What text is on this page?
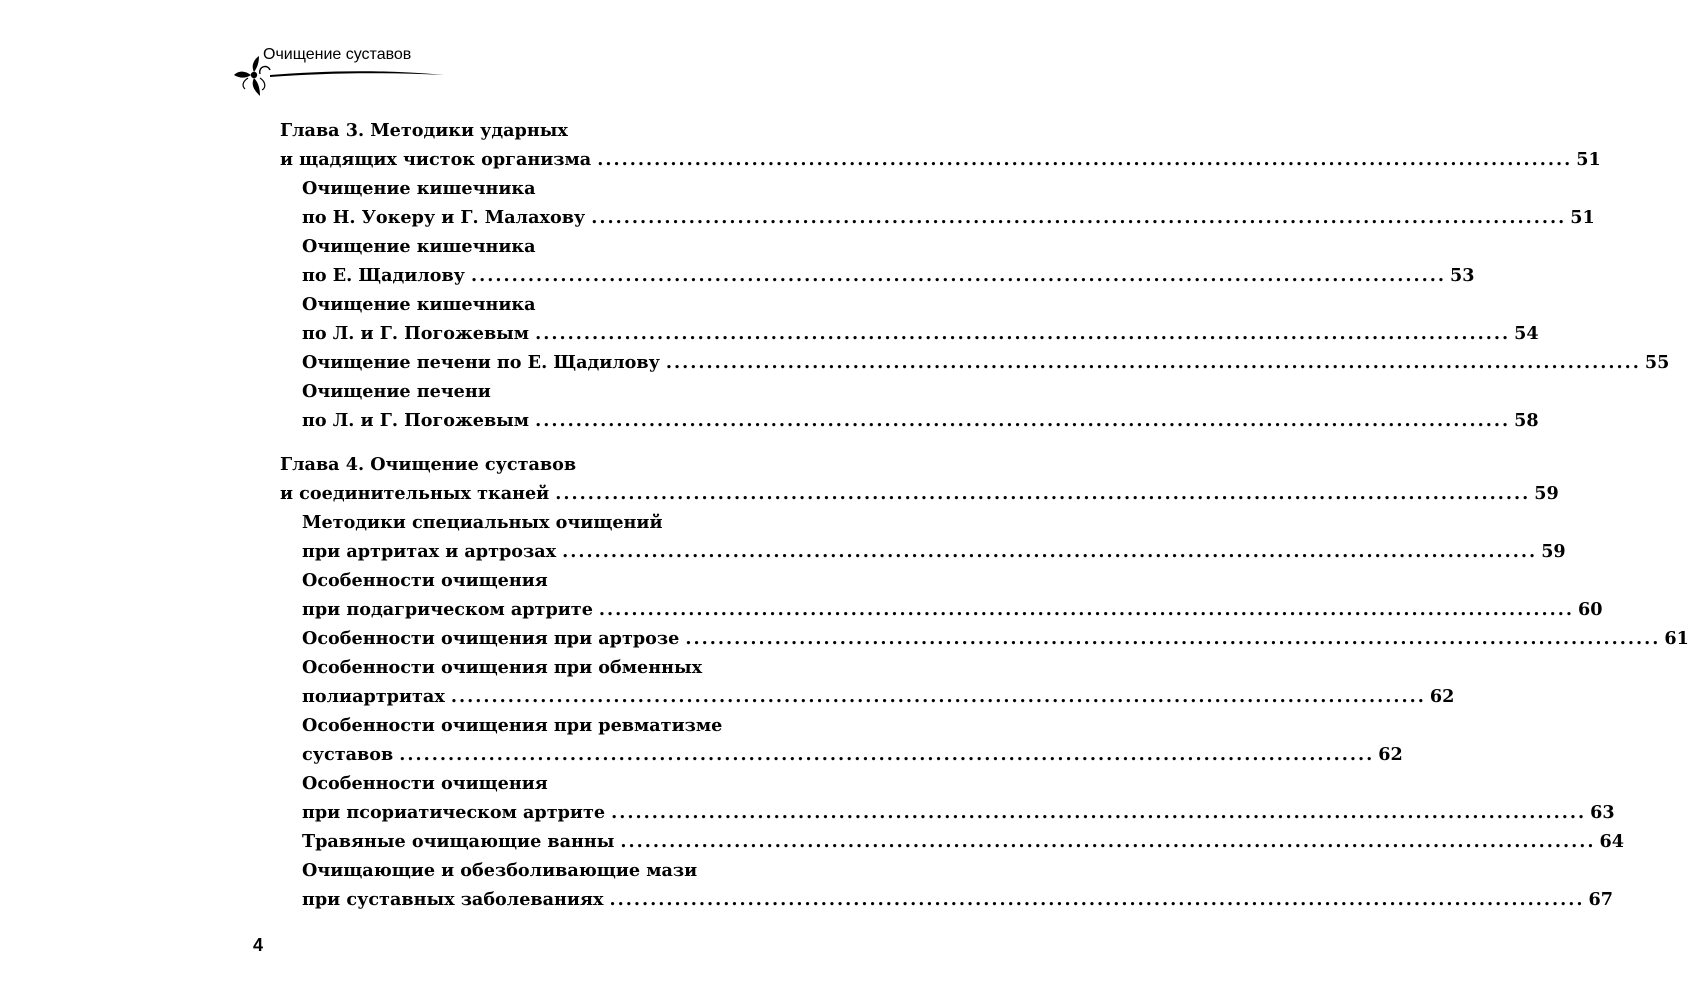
Очищение суставов
Глава 3. Методики ударных
и щадящих чисток организма ........................................................................................................................ 51
Очищение кишечника
по Н. Уокеру и Г. Малахову ........................................................................................................................ 51
Очищение кишечника
по Е. Щадилову ........................................................................................................................ 53
Очищение кишечника
по Л. и Г. Погожевым ........................................................................................................................ 54
Очищение печени по Е. Щадилову ........................................................................................................................ 55
Очищение печени
по Л. и Г. Погожевым ........................................................................................................................ 58
Глава 4. Очищение суставов
и соединительных тканей ........................................................................................................................ 59
Методики специальных очищений
при артритах и артрозах ........................................................................................................................ 59
Особенности очищения
при подагрическом артрите ........................................................................................................................ 60
Особенности очищения при артрозе ........................................................................................................................ 61
Особенности очищения при обменных
полиартритах ........................................................................................................................ 62
Особенности очищения при ревматизме
суставов ........................................................................................................................ 62
Особенности очищения
при псориатическом артрите ........................................................................................................................ 63
Травяные очищающие ванны ........................................................................................................................ 64
Очищающие и обезболивающие мази
при суставных заболеваниях ........................................................................................................................ 67
4
